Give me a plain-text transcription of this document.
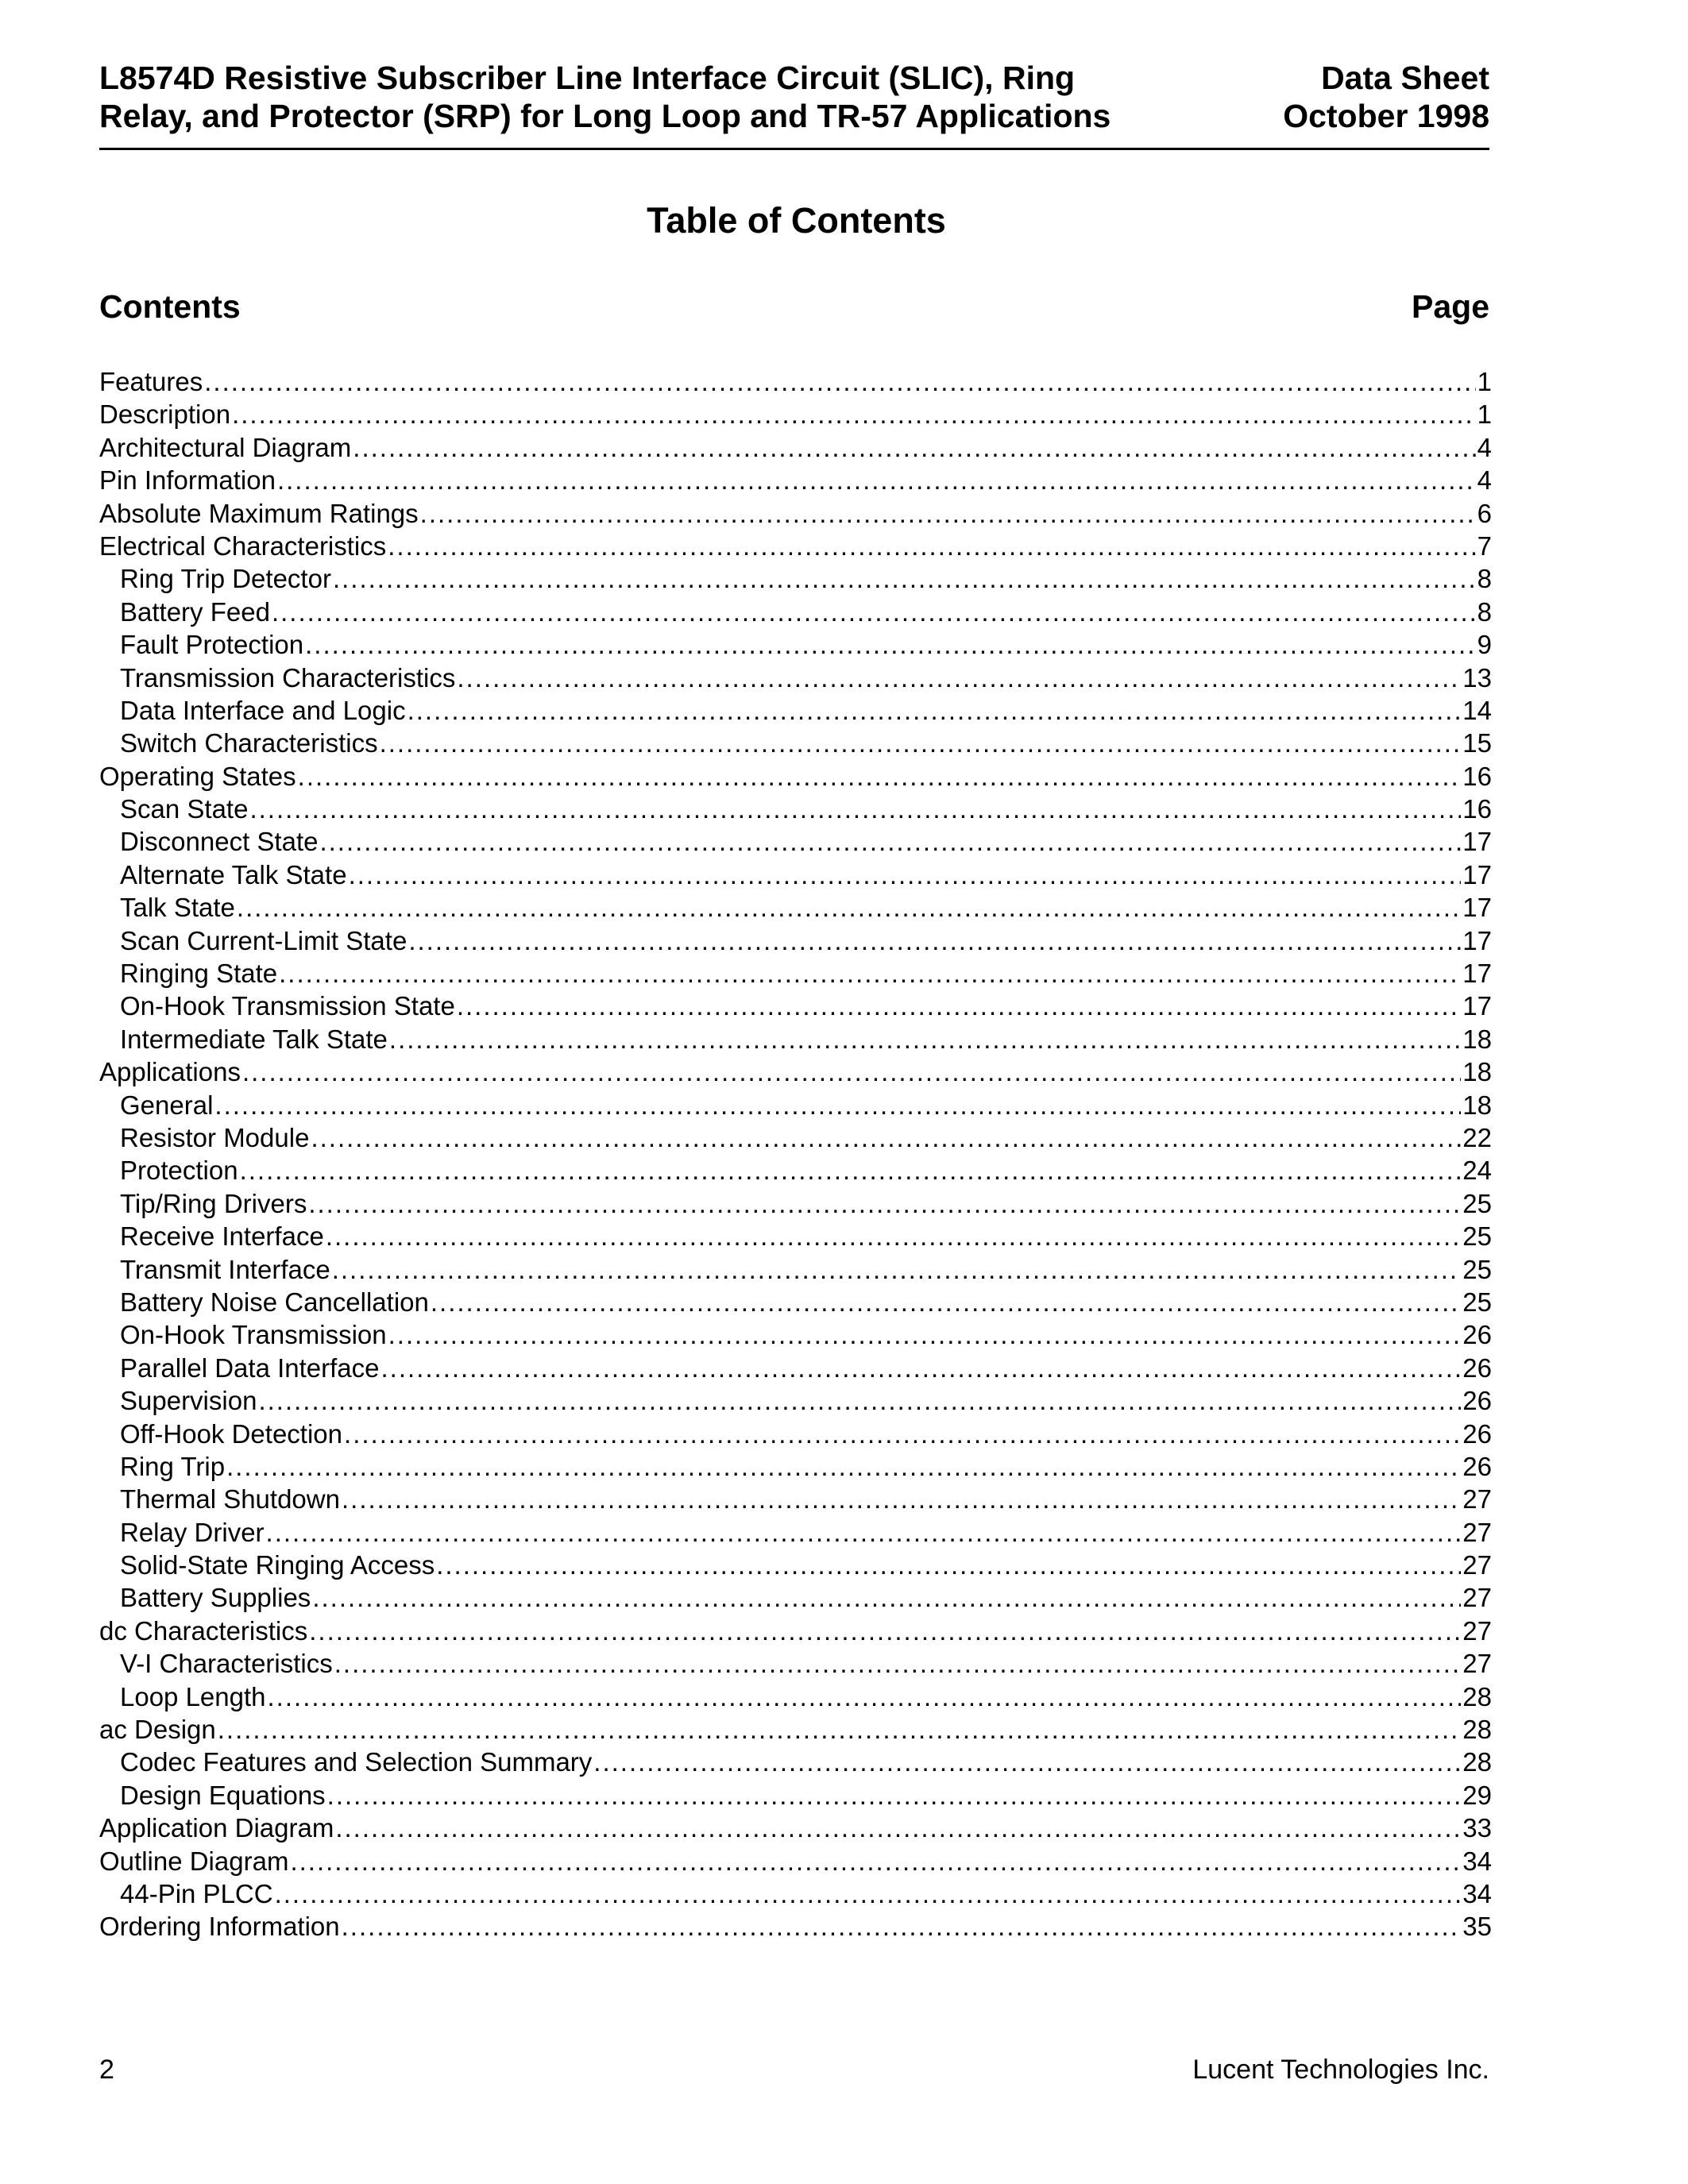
L8574D Resistive Subscriber Line Interface Circuit (SLIC), Ring
Relay, and Protector (SRP) for Long Loop and TR-57 Applications
Data Sheet
October 1998
Table of Contents
Contents	Page
Features .....	1
Description .....	1
Architectural Diagram .....	4
Pin Information .....	4
Absolute Maximum Ratings .....	6
Electrical Characteristics .....	7
Ring Trip Detector .....	8
Battery Feed .....	8
Fault Protection .....	9
Transmission Characteristics .....	13
Data Interface and Logic .....	14
Switch Characteristics .....	15
Operating States .....	16
Scan State .....	16
Disconnect State .....	17
Alternate Talk State .....	17
Talk State .....	17
Scan Current-Limit State .....	17
Ringing State .....	17
On-Hook Transmission State .....	17
Intermediate Talk State .....	18
Applications .....	18
General .....	18
Resistor Module .....	22
Protection .....	24
Tip/Ring Drivers .....	25
Receive Interface .....	25
Transmit Interface .....	25
Battery Noise Cancellation .....	25
On-Hook Transmission .....	26
Parallel Data Interface .....	26
Supervision .....	26
Off-Hook Detection .....	26
Ring Trip .....	26
Thermal Shutdown .....	27
Relay Driver .....	27
Solid-State Ringing Access .....	27
Battery Supplies .....	27
dc Characteristics .....	27
V-I Characteristics .....	27
Loop Length .....	28
ac Design .....	28
Codec Features and Selection Summary .....	28
Design Equations .....	29
Application Diagram .....	33
Outline Diagram .....	34
44-Pin PLCC .....	34
Ordering Information .....	35
2	Lucent Technologies Inc.
